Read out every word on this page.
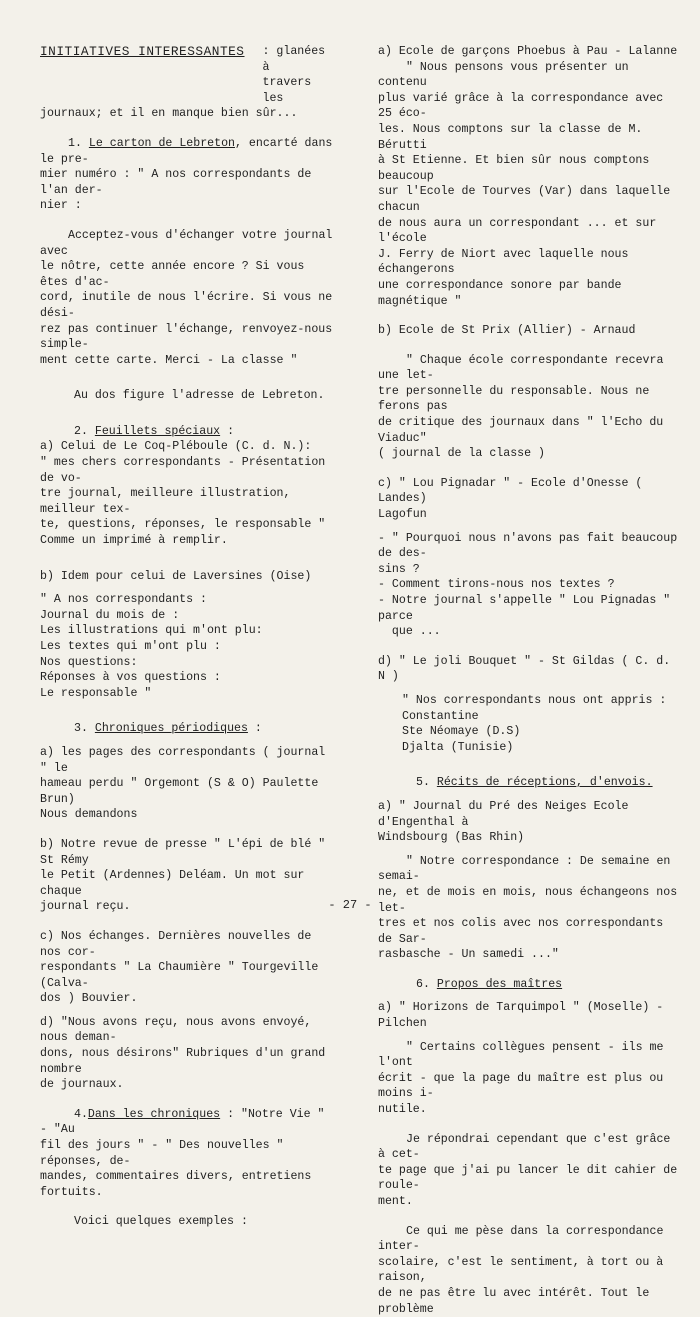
INITIATIVES INTERESSANTES : glanées à
travers les

journaux; et il en manque bien sûr...

1. Le carton de Lebreton, encarté dans le pre-
mier numéro : " A nos correspondants de l'an der-
nier :

Acceptez-vous d'échanger votre journal avec
le nôtre, cette année encore ? Si vous êtes d'ac-
cord, inutile de nous l'écrire. Si vous ne dési-
rez pas continuer l'échange, renvoyez-nous simple-
ment cette carte. Merci - La classe "

Au dos figure l'adresse de Lebreton.

2. Feuillets spéciaux :

a) Celui de Le Coq-Pléboule (C. d. N.):
" mes chers correspondants - Présentation de vo-
tre journal, meilleure illustration, meilleur tex-
te, questions, réponses, le responsable "
Comme un imprimé à remplir.

b) Idem pour celui de Laversines (Oise)

" A nos correspondants :
Journal du mois de :
Les illustrations qui m'ont plu:
Les textes qui m'ont plu :
Nos questions:
Réponses à vos questions :
Le responsable "

3. Chroniques périodiques :

a) les pages des correspondants ( journal " le
hameau perdu " Orgemont (S & O) Paulette Brun)
Nous demandons

b) Notre revue de presse " L'épi de blé " St Rémy
le Petit (Ardennes) Deléam. Un mot sur chaque
journal reçu.

c) Nos échanges. Dernières nouvelles de nos cor-
respondants " La Chaumière " Tourgeville (Calva-
dos ) Bouvier.

d) "Nous avons reçu, nous avons envoyé, nous deman-
dons, nous désirons" Rubriques d'un grand nombre
de journaux.

4.Dans les chroniques : "Notre Vie " - "Au
fil des jours " - " Des nouvelles " réponses, de-
mandes, commentaires divers, entretiens fortuits.

Voici quelques exemples :

a) Ecole de garçons Phoebus à Pau - Lalanne

" Nous pensons vous présenter un contenu
plus varié grâce à la correspondance avec 25 éco-
les. Nous comptons sur la classe de M. Bérutti
à St Etienne. Et bien sûr nous comptons beaucoup
sur l'Ecole de Tourves (Var) dans laquelle chacun
de nous aura un correspondant ... et sur l'école
J. Ferry de Niort avec laquelle nous échangerons
une correspondance sonore par bande magnétique "

b) Ecole de St Prix (Allier) - Arnaud

" Chaque école correspondante recevra une let-
tre personnelle du responsable. Nous ne ferons pas
de critique des journaux dans " l'Echo du Viaduc"
( journal de la classe )

c) " Lou Pignadar " - Ecole d'Onesse ( Landes)
Lagofun

- " Pourquoi nous n'avons pas fait beaucoup de des-
sins ?
- Comment tirons-nous nos textes ?
- Notre journal s'appelle " Lou Pignadas " parce
que ...

d) " Le joli Bouquet " - St Gildas ( C. d. N )

" Nos correspondants nous ont appris :
Constantine
Ste Néomaye (D.S)
Djalta (Tunisie)

5. Récits de réceptions, d'envois.

a) " Journal du Pré des Neiges Ecole d'Engenthal à
Windsbourg (Bas Rhin)

" Notre correspondance : De semaine en semai-
ne, et de mois en mois, nous échangeons nos let-
tres et nos colis avec nos correspondants de Sar-
rasbasche - Un samedi ..."

6. Propos des maîtres

a) " Horizons de Tarquimpol " (Moselle) - Pilchen

" Certains collègues pensent - ils me l'ont
écrit - que la page du maître est plus ou moins i-
nutile.

Je répondrai cependant que c'est grâce à cet-
te page que j'ai pu lancer le dit cahier de roule-
ment.

Ce qui me pèse dans la correspondance inter-
scolaire, c'est le sentiment, à tort ou à raison,
de ne pas être lu avec intérêt. Tout le problème

- 27 -
